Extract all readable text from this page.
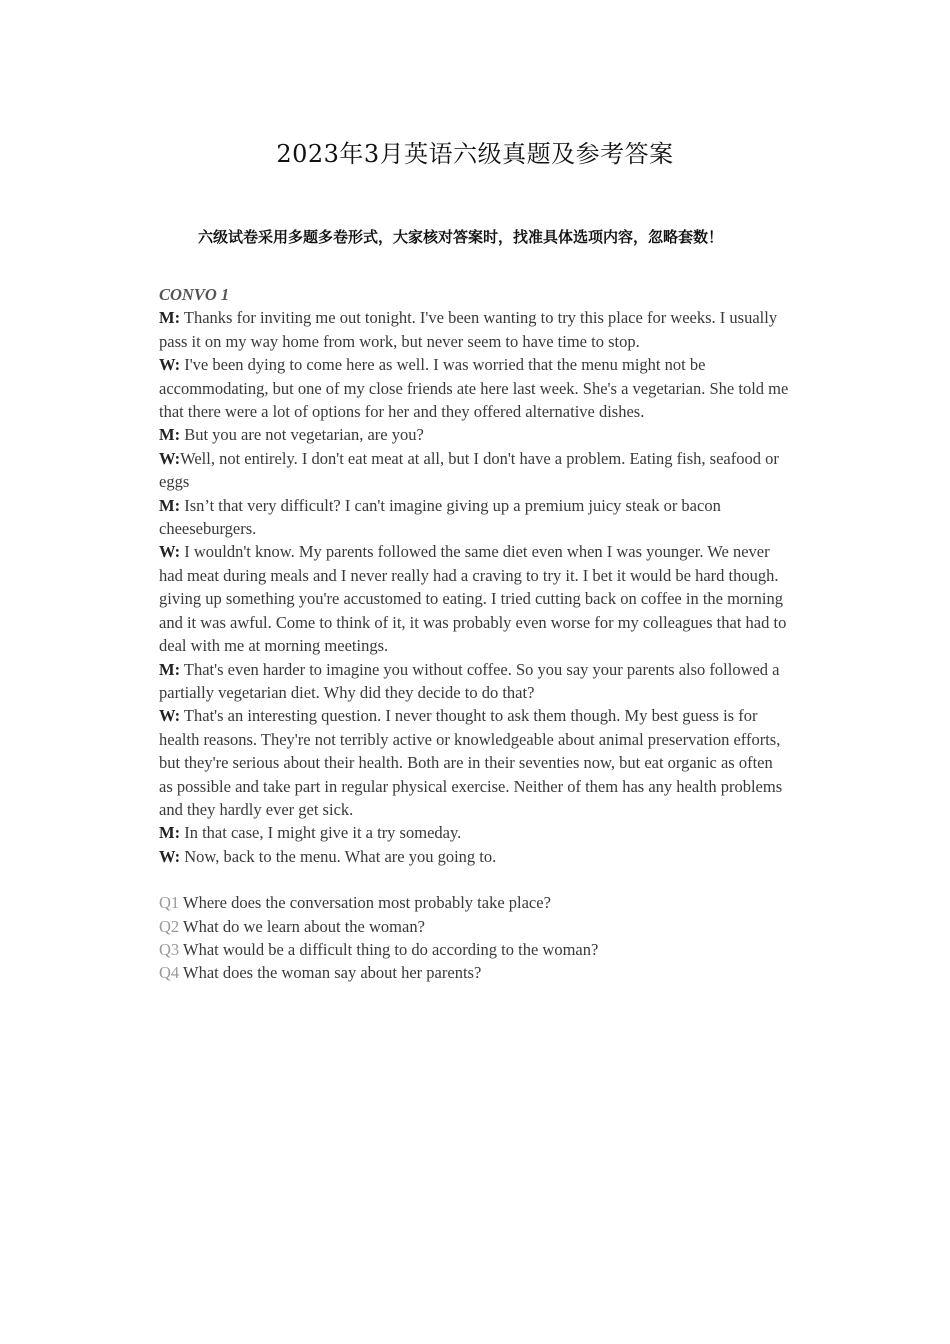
2023年3月英语六级真题及参考答案
六级试卷采用多题多卷形式，大家核对答案时，找准具体选项内容，忽略套数！

CONVO 1

M: Thanks for inviting me out tonight. I've been wanting to try this place for weeks. I usually pass it on my way home from work, but never seem to have time to stop.

W: I've been dying to come here as well. I was worried that the menu might not be accommodating, but one of my close friends ate here last week. She's a vegetarian. She told me that there were a lot of options for her and they offered alternative dishes.

M: But you are not vegetarian, are you?

W:Well, not entirely. I don't eat meat at all, but I don't have a problem. Eating fish, seafood or eggs

M: Isn’t that very difficult? I can't imagine giving up a premium juicy steak or bacon cheeseburgers.

W: I wouldn't know. My parents followed the same diet even when I was younger. We never had meat during meals and I never really had a craving to try it. I bet it would be hard though. giving up something you're accustomed to eating. I tried cutting back on coffee in the morning and it was awful. Come to think of it, it was probably even worse for my colleagues that had to deal with me at morning meetings.

M: That's even harder to imagine you without coffee. So you say your parents also followed a partially vegetarian diet. Why did they decide to do that?

W: That's an interesting question. I never thought to ask them though. My best guess is for health reasons. They're not terribly active or knowledgeable about animal preservation efforts, but they're serious about their health. Both are in their seventies now, but eat organic as often as possible and take part in regular physical exercise. Neither of them has any health problems and they hardly ever get sick.

M: In that case, I might give it a try someday.

W: Now, back to the menu. What are you going to.

Q1 Where does the conversation most probably take place?

Q2 What do we learn about the woman?

Q3 What would be a difficult thing to do according to the woman?

Q4 What does the woman say about her parents?
